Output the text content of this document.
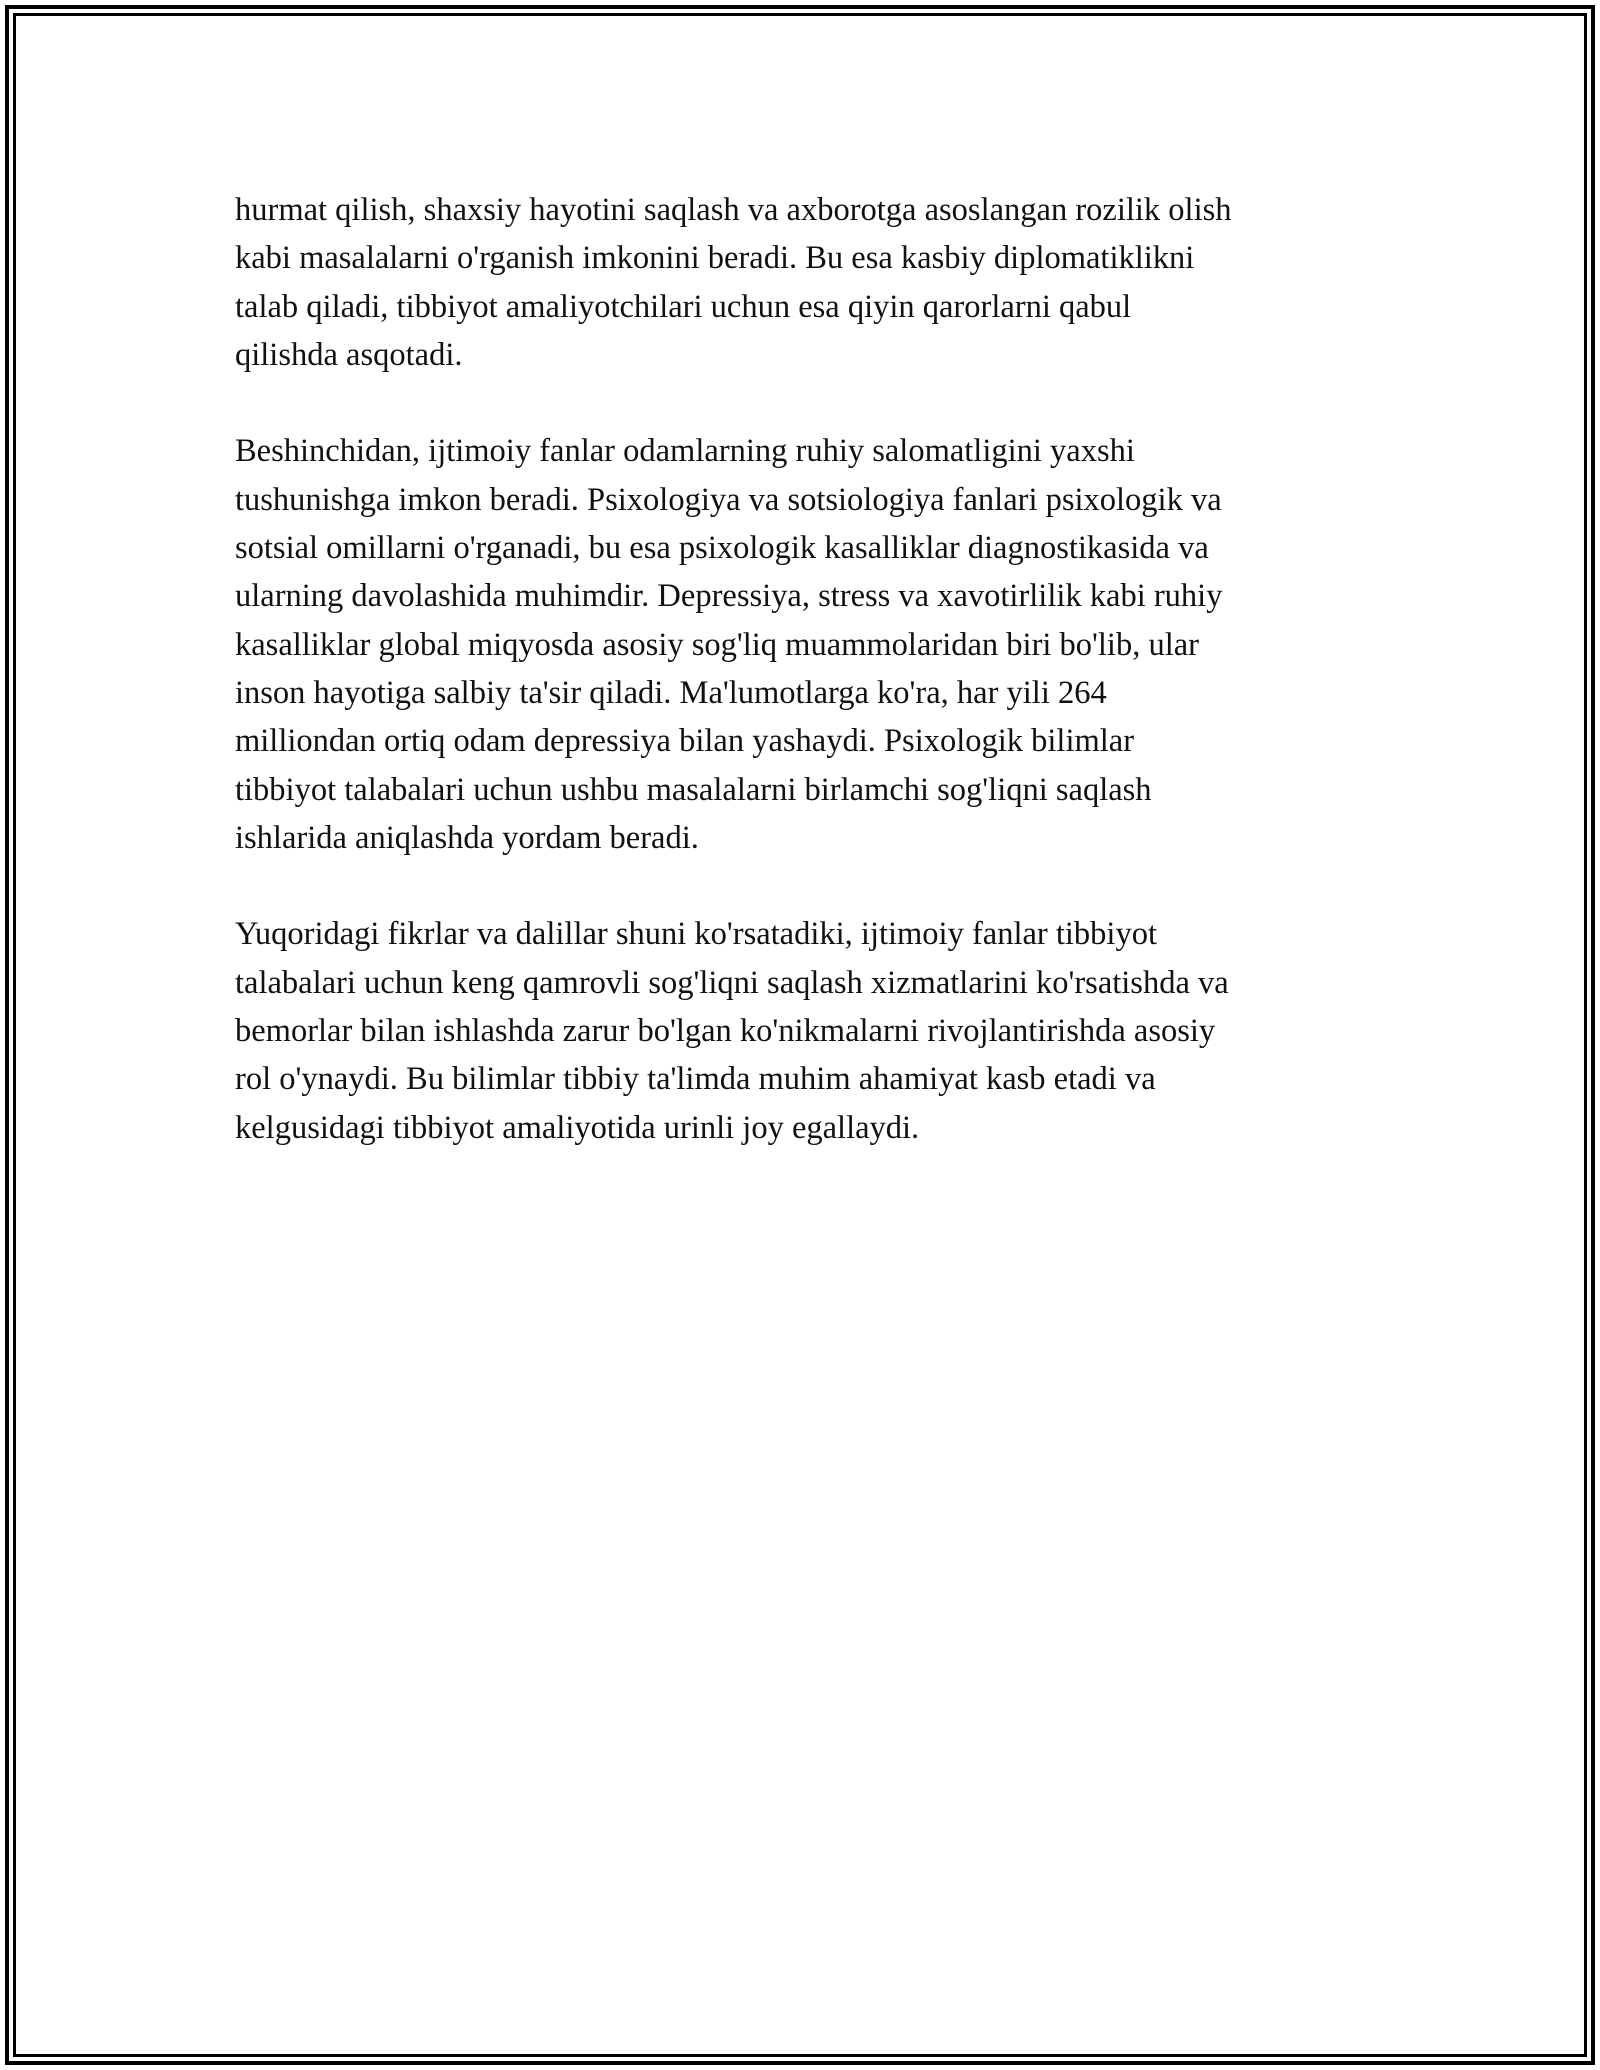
hurmat qilish, shaxsiy hayotini saqlash va axborotga asoslangan rozilik olish
kabi masalalarni o'rganish imkonini beradi. Bu esa kasbiy diplomatiklikni
talab qiladi, tibbiyot amaliyotchilari uchun esa qiyin qarorlarni qabul
qilishda asqotadi.

Beshinchidan, ijtimoiy fanlar odamlarning ruhiy salomatligini yaxshi
tushunishga imkon beradi. Psixologiya va sotsiologiya fanlari psixologik va
sotsial omillarni o'rganadi, bu esa psixologik kasalliklar diagnostikasida va
ularning davolashida muhimdir. Depressiya, stress va xavotirlilik kabi ruhiy
kasalliklar global miqyosda asosiy sog'liq muammolaridan biri bo'lib, ular
inson hayotiga salbiy ta'sir qiladi. Ma'lumotlarga ko'ra, har yili 264
milliondan ortiq odam depressiya bilan yashaydi. Psixologik bilimlar
tibbiyot talabalari uchun ushbu masalalarni birlamchi sog'liqni saqlash
ishlarida aniqlashda yordam beradi.

Yuqoridagi fikrlar va dalillar shuni ko'rsatadiki, ijtimoiy fanlar tibbiyot
talabalari uchun keng qamrovli sog'liqni saqlash xizmatlarini ko'rsatishda va
bemorlar bilan ishlashda zarur bo'lgan ko'nikmalarni rivojlantirishda asosiy
rol o'ynaydi. Bu bilimlar tibbiy ta'limda muhim ahamiyat kasb etadi va
kelgusidagi tibbiyot amaliyotida urinli joy egallaydi.
